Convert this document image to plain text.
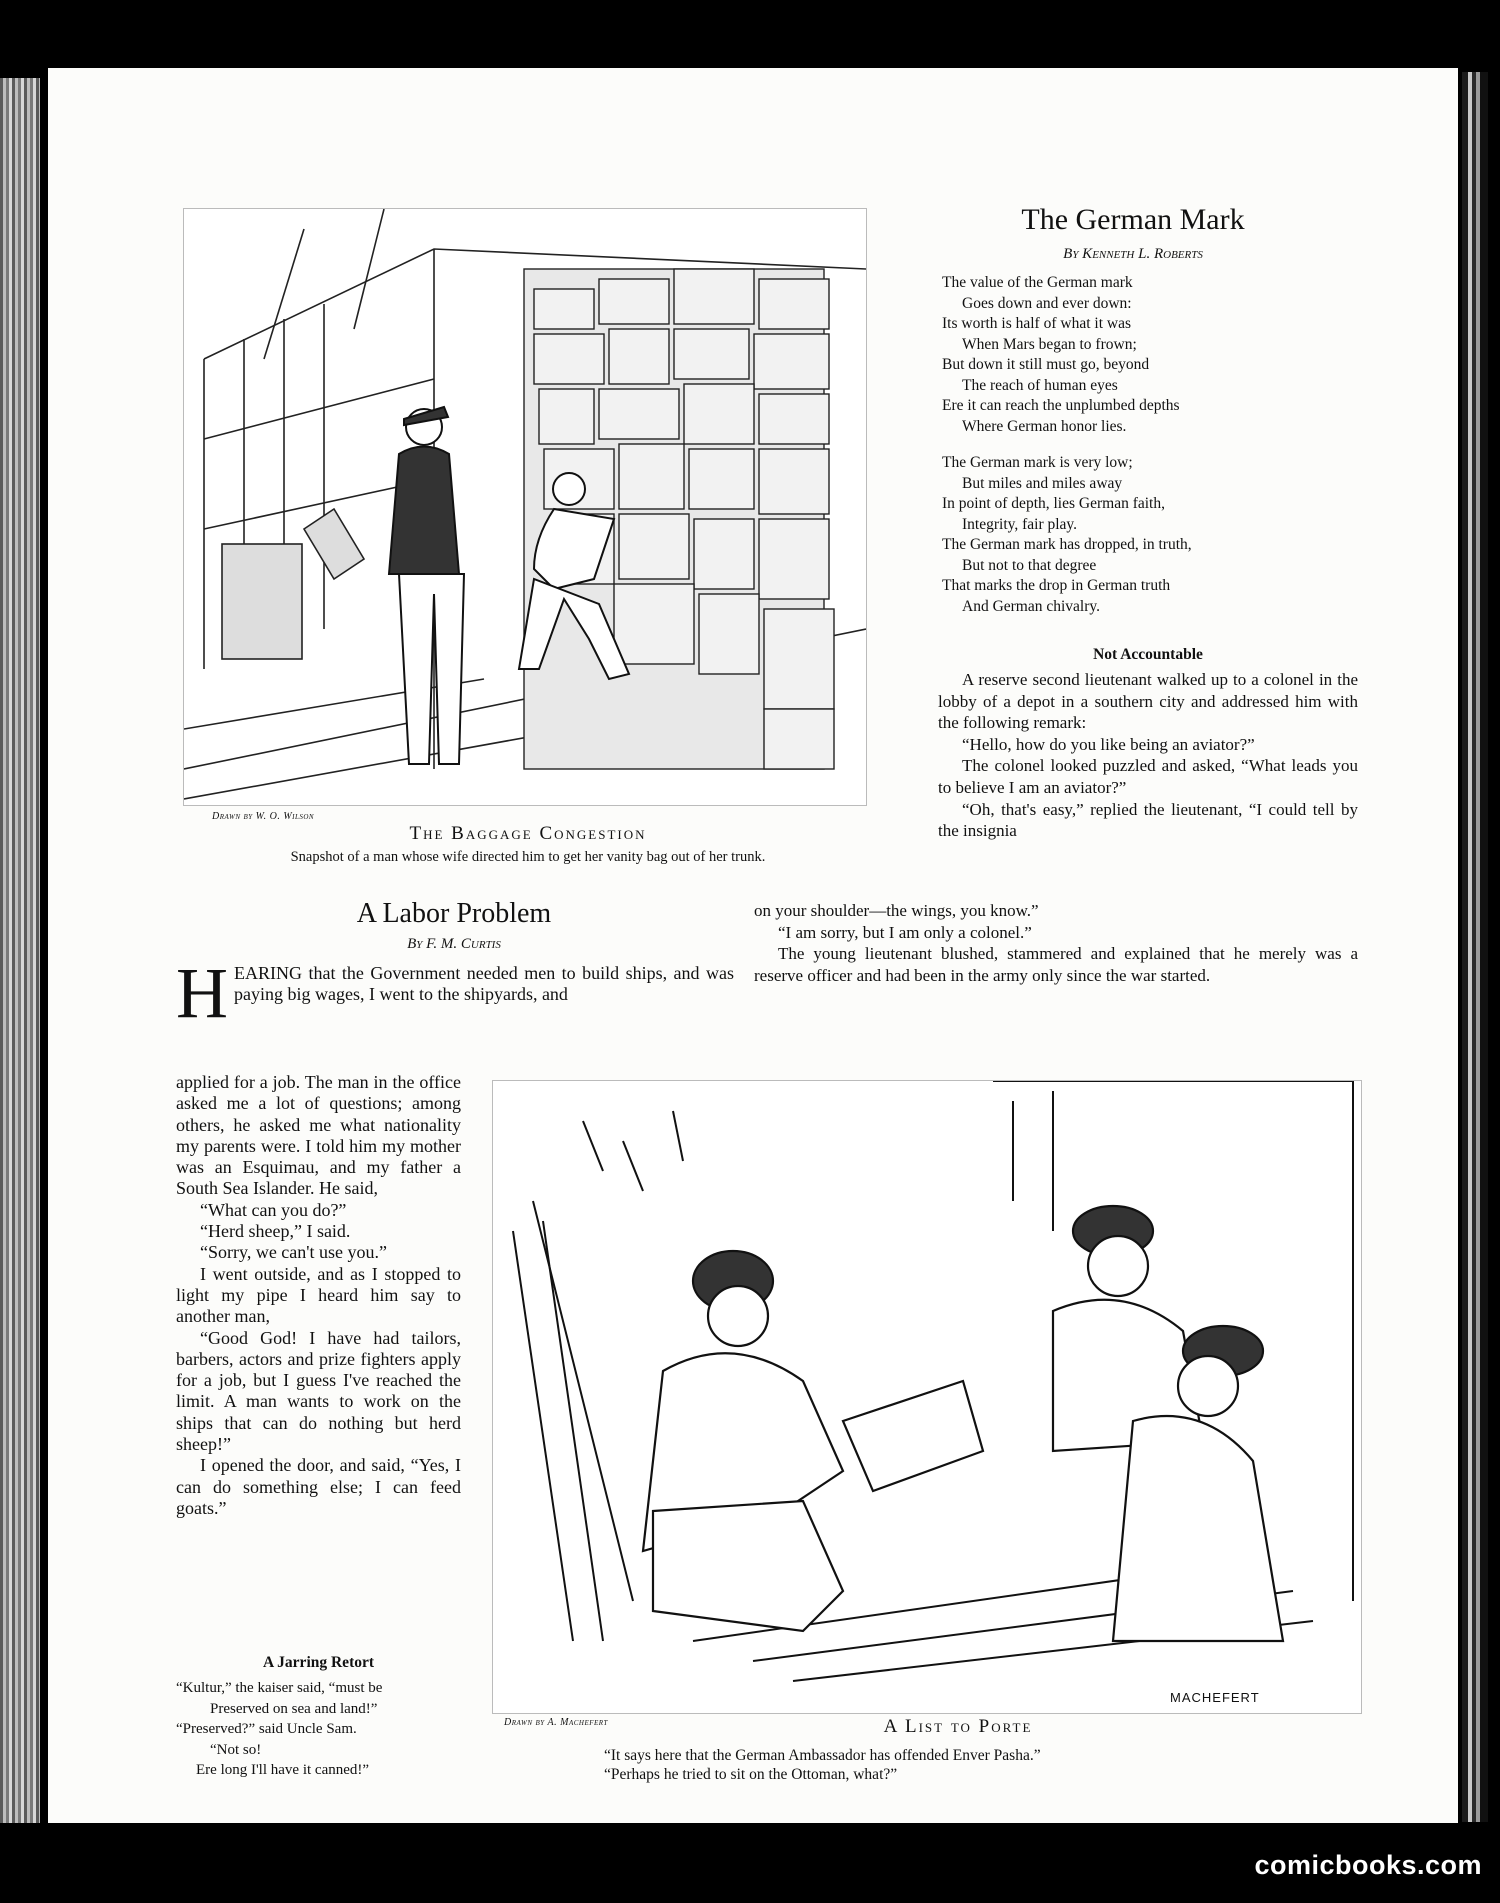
Drawn by W. O. Wilson
The Baggage Congestion
Snapshot of a man whose wife directed him to get her vanity bag out of her trunk.
The German Mark
By Kenneth L. Roberts
The value of the German mark
Goes down and ever down:
Its worth is half of what it was
When Mars began to frown;
But down it still must go, beyond
The reach of human eyes
Ere it can reach the unplumbed depths
Where German honor lies.
The German mark is very low;
But miles and miles away
In point of depth, lies German faith,
Integrity, fair play.
The German mark has dropped, in truth,
But not to that degree
That marks the drop in German truth
And German chivalry.
Not Accountable

A reserve second lieutenant walked up to a colonel in the lobby of a depot in a southern city and addressed him with the following remark:

“Hello, how do you like being an aviator?”

The colonel looked puzzled and asked, “What leads you to believe I am an aviator?”

“Oh, that's easy,” replied the lieutenant, “I could tell by the insignia

on your shoulder—the wings, you know.”

“I am sorry, but I am only a colonel.”

The young lieutenant blushed, stammered and explained that he merely was a reserve officer and had been in the army only since the war started.

A Labor Problem
By F. M. Curtis
H EARING that the Government needed men to build ships, and was paying big wages, I went to the shipyards, and

applied for a job. The man in the office asked me a lot of questions; among others, he asked me what nationality my parents were. I told him my mother was an Esquimau, and my father a South Sea Islander. He said,

“What can you do?”

“Herd sheep,” I said.

“Sorry, we can't use you.”

I went outside, and as I stopped to light my pipe I heard him say to another man,

“Good God! I have had tailors, barbers, actors and prize fighters apply for a job, but I guess I've reached the limit. A man wants to work on the ships that can do nothing but herd sheep!”

I opened the door, and said, “Yes, I can do something else; I can feed goats.”

A Jarring Retort
“Kultur,” the kaiser said, “must be
Preserved on sea and land!”
“Preserved?” said Uncle Sam.
“Not so!
Ere long I'll have it canned!”
Drawn by A. Machefert
MACHEFERT
A List to Porte
“It says here that the German Ambassador has offended Enver Pasha.”
“Perhaps he tried to sit on the Ottoman, what?”
comicbooks.com
